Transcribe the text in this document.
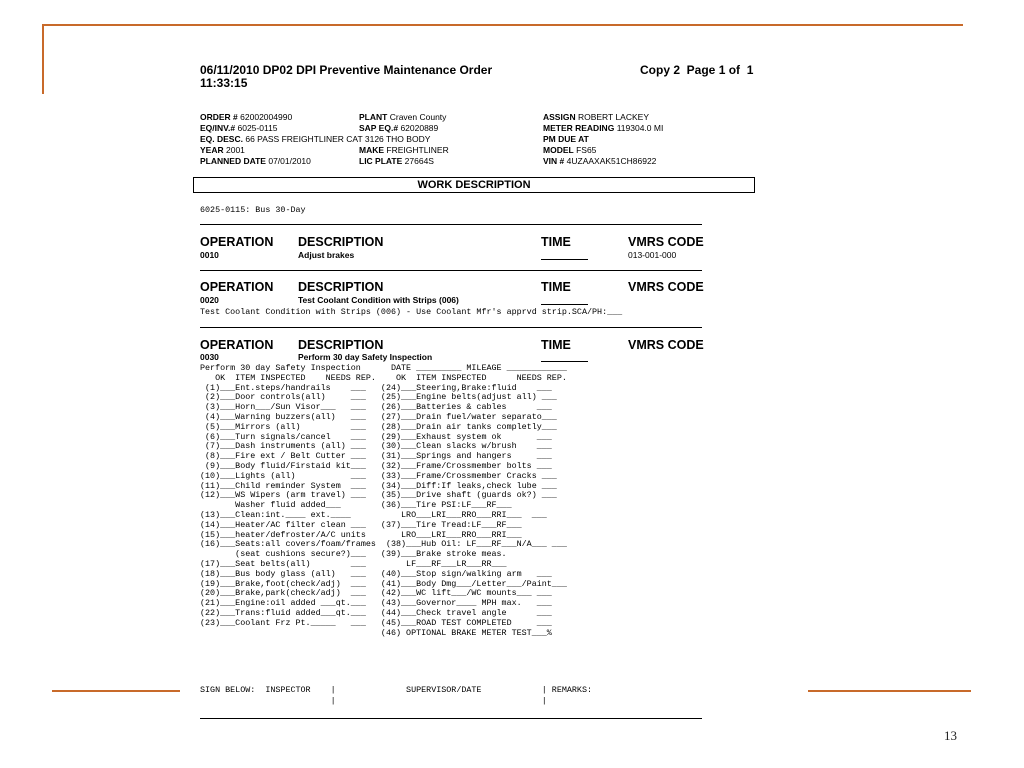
06/11/2010 DP02 DPI Preventive Maintenance Order
11:33:15
Copy 2  Page 1 of  1
ORDER # 62002004990
EQ/INV.# 6025-0115
EQ. DESC. 66 PASS FREIGHTLINER CAT 3126 THO BODY
YEAR 2001
PLANNED DATE 07/01/2010
PLANT Craven County
SAP EQ.# 62020889

MAKE FREIGHTLINER
LIC PLATE 27664S
ASSIGN ROBERT LACKEY
METER READING 119304.0 MI
PM DUE AT
MODEL FS65
VIN # 4UZAAXAK51CH86922
WORK DESCRIPTION
6025-0115: Bus 30-Day
OPERATION DESCRIPTION	TIME	VMRS CODE
0010	Adjust brakes	013-001-000
OPERATION DESCRIPTION	TIME	VMRS CODE
0020	Test Coolant Condition with Strips (006)
Test Coolant Condition with Strips (006) - Use Coolant Mfr's apprvd strip.SCA/PH:___
OPERATION DESCRIPTION	TIME	VMRS CODE
0030	Perform 30 day Safety Inspection
Perform 30 day Safety Inspection      DATE _________ MILEAGE ____________
OK  ITEM INSPECTED    NEEDS REP.    OK  ITEM INSPECTED      NEEDS REP.
(1)___Ent.steps/handrails    ___   (24)___Steering,Brake:fluid    ___
(2)___Door controls(all)     ___   (25)___Engine belts(adjust all) ___
(3)___Horn___/Sun Visor___   ___   (26)___Batteries & cables      ___
(4)___Warning buzzers(all)   ___   (27)___Drain fuel/water separato___
(5)___Mirrors (all)          ___   (28)___Drain air tanks completly___
(6)___Turn signals/cancel    ___   (29)___Exhaust system ok       ___
(7)___Dash instruments (all) ___   (30)___Clean slacks w/brush    ___
(8)___Fire ext / Belt Cutter ___   (31)___Springs and hangers     ___
(9)___Body fluid/Firstaid kit___   (32)___Frame/Crossmember bolts ___
(10)___Lights (all)           ___   (33)___Frame/Crossmember Cracks ___
(11)___Child reminder System  ___   (34)___Diff:If leaks,check lube ___
(12)___WS Wipers (arm travel) ___   (35)___Drive shaft (guards ok?) ___
Washer fluid added___        (36)___Tire PSI:LF___RF___
(13)___Clean:int.____ ext.____          LRO___LRI___RRO___RRI___  ___
(14)___Heater/AC filter clean ___   (37)___Tire Tread:LF___RF___
(15)___heater/defroster/A/C units       LRO___LRI___RRO___RRI___
(16)___Seats:all covers/foam/frames  (38)___Hub Oil: LF___RF___N/A___ ___
(seat cushions secure?)___   (39)___Brake stroke meas.
(17)___Seat belts(all)        ___        LF___RF___LR___RR___
(18)___Bus body glass (all)   ___   (40)___Stop sign/walking arm   ___
(19)___Brake,foot(check/adj)  ___   (41)___Body Dmg___/Letter___/Paint___
(20)___Brake,park(check/adj)  ___   (42)___WC lift___/WC mounts___ ___
(21)___Engine:oil added ___qt.___   (43)___Governor____ MPH max.   ___
(22)___Trans:fluid added___qt.___   (44)___Check travel angle      ___
(23)___Coolant Frz Pt._____   ___   (45)___ROAD TEST COMPLETED     ___
(46) OPTIONAL BRAKE METER TEST___%
SIGN BELOW:  INSPECTOR    |              SUPERVISOR/DATE            | REMARKS:
|                                         |
13
